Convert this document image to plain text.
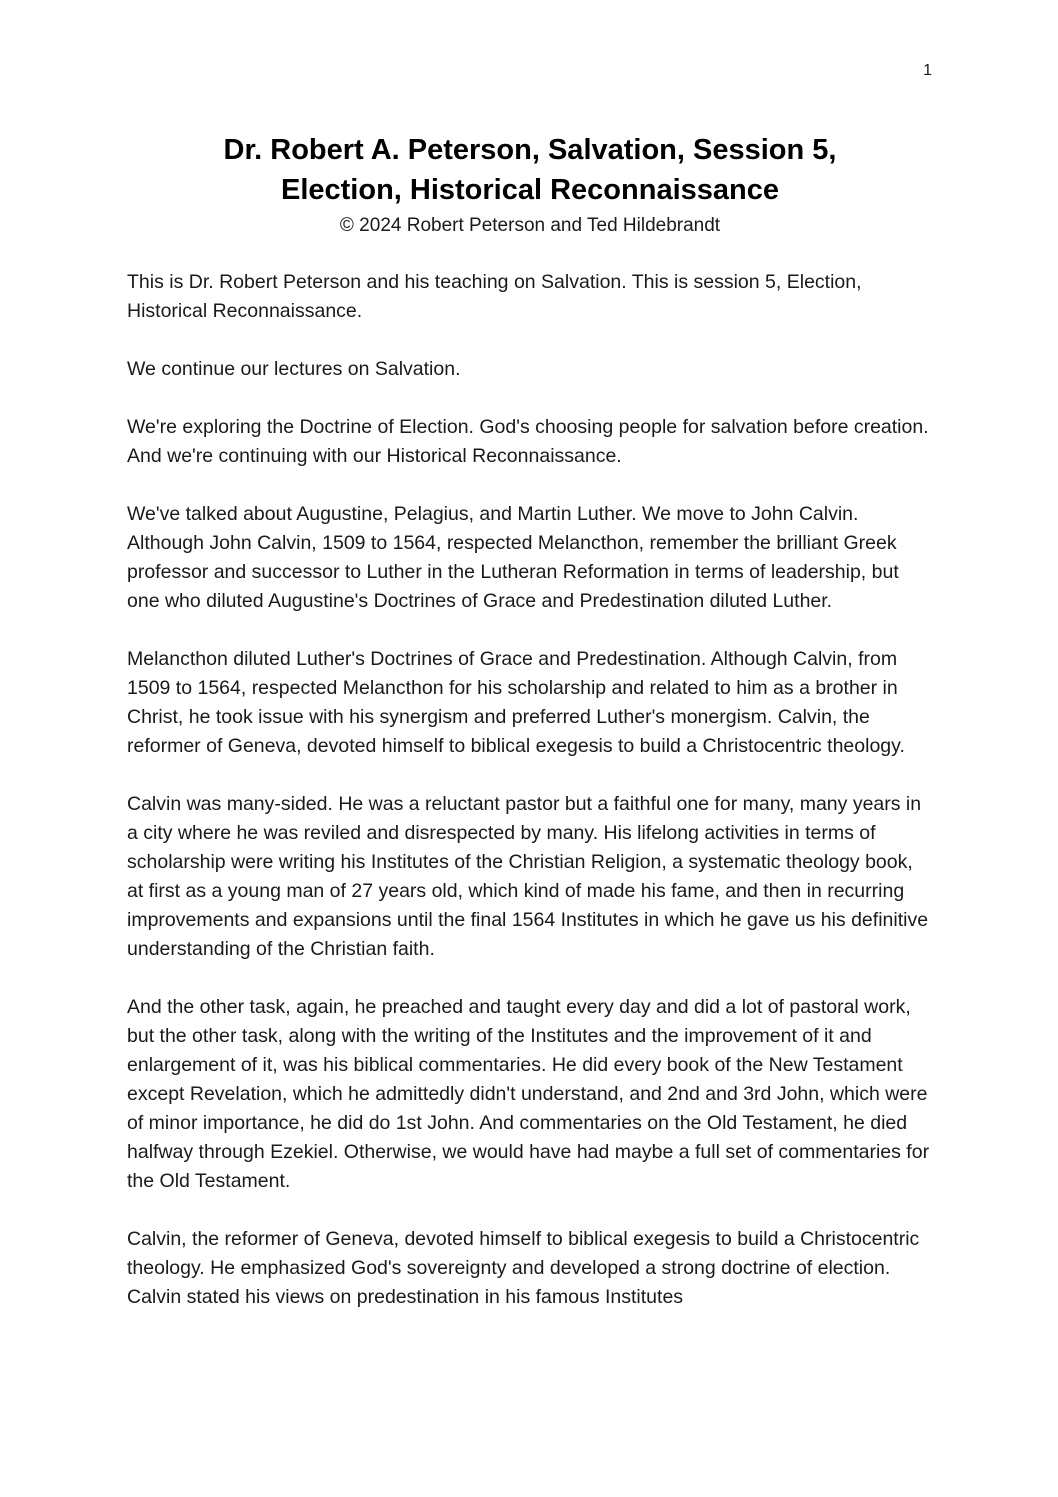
1
Dr. Robert A. Peterson, Salvation, Session 5,
Election, Historical Reconnaissance
© 2024 Robert Peterson and Ted Hildebrandt

This is Dr. Robert Peterson and his teaching on Salvation. This is session 5, Election, Historical Reconnaissance.

We continue our lectures on Salvation.

We're exploring the Doctrine of Election. God's choosing people for salvation before creation. And we're continuing with our Historical Reconnaissance.

We've talked about Augustine, Pelagius, and Martin Luther. We move to John Calvin. Although John Calvin, 1509 to 1564, respected Melancthon, remember the brilliant Greek professor and successor to Luther in the Lutheran Reformation in terms of leadership, but one who diluted Augustine's Doctrines of Grace and Predestination diluted Luther.

Melancthon diluted Luther's Doctrines of Grace and Predestination. Although Calvin, from 1509 to 1564, respected Melancthon for his scholarship and related to him as a brother in Christ, he took issue with his synergism and preferred Luther's monergism. Calvin, the reformer of Geneva, devoted himself to biblical exegesis to build a Christocentric theology.

Calvin was many-sided. He was a reluctant pastor but a faithful one for many, many years in a city where he was reviled and disrespected by many. His lifelong activities in terms of scholarship were writing his Institutes of the Christian Religion, a systematic theology book, at first as a young man of 27 years old, which kind of made his fame, and then in recurring improvements and expansions until the final 1564 Institutes in which he gave us his definitive understanding of the Christian faith.

And the other task, again, he preached and taught every day and did a lot of pastoral work, but the other task, along with the writing of the Institutes and the improvement of it and enlargement of it, was his biblical commentaries. He did every book of the New Testament except Revelation, which he admittedly didn't understand, and 2nd and 3rd John, which were of minor importance, he did do 1st John. And commentaries on the Old Testament, he died halfway through Ezekiel. Otherwise, we would have had maybe a full set of commentaries for the Old Testament.

Calvin, the reformer of Geneva, devoted himself to biblical exegesis to build a Christocentric theology. He emphasized God's sovereignty and developed a strong doctrine of election. Calvin stated his views on predestination in his famous Institutes
